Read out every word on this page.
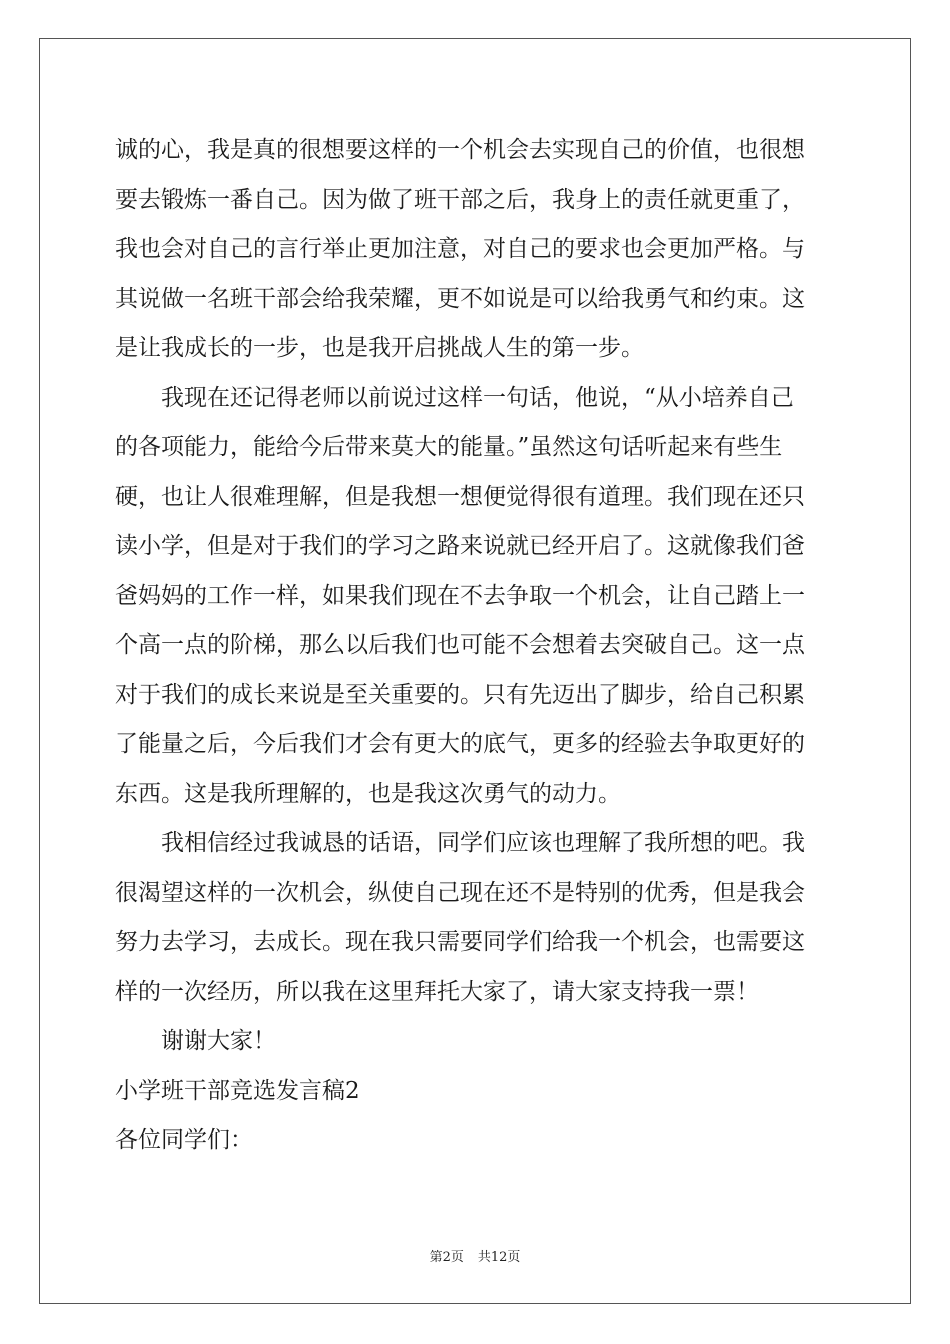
诚的心，我是真的很想要这样的一个机会去实现自己的价值，也很想
要去锻炼一番自己。因为做了班干部之后，我身上的责任就更重了，
我也会对自己的言行举止更加注意，对自己的要求也会更加严格。与
其说做一名班干部会给我荣耀，更不如说是可以给我勇气和约束。这
是让我成长的一步，也是我开启挑战人生的第一步。
　　我现在还记得老师以前说过这样一句话，他说，“从小培养自己
的各项能力，能给今后带来莫大的能量。”虽然这句话听起来有些生
硬，也让人很难理解，但是我想一想便觉得很有道理。我们现在还只
读小学，但是对于我们的学习之路来说就已经开启了。这就像我们爸
爸妈妈的工作一样，如果我们现在不去争取一个机会，让自己踏上一
个高一点的阶梯，那么以后我们也可能不会想着去突破自己。这一点
对于我们的成长来说是至关重要的。只有先迈出了脚步，给自己积累
了能量之后，今后我们才会有更大的底气，更多的经验去争取更好的
东西。这是我所理解的，也是我这次勇气的动力。
　　我相信经过我诚恳的话语，同学们应该也理解了我所想的吧。我
很渴望这样的一次机会，纵使自己现在还不是特别的优秀，但是我会
努力去学习，去成长。现在我只需要同学们给我一个机会，也需要这
样的一次经历，所以我在这里拜托大家了，请大家支持我一票！
　　谢谢大家！
小学班干部竞选发言稿2
各位同学们：
第2页 共12页
